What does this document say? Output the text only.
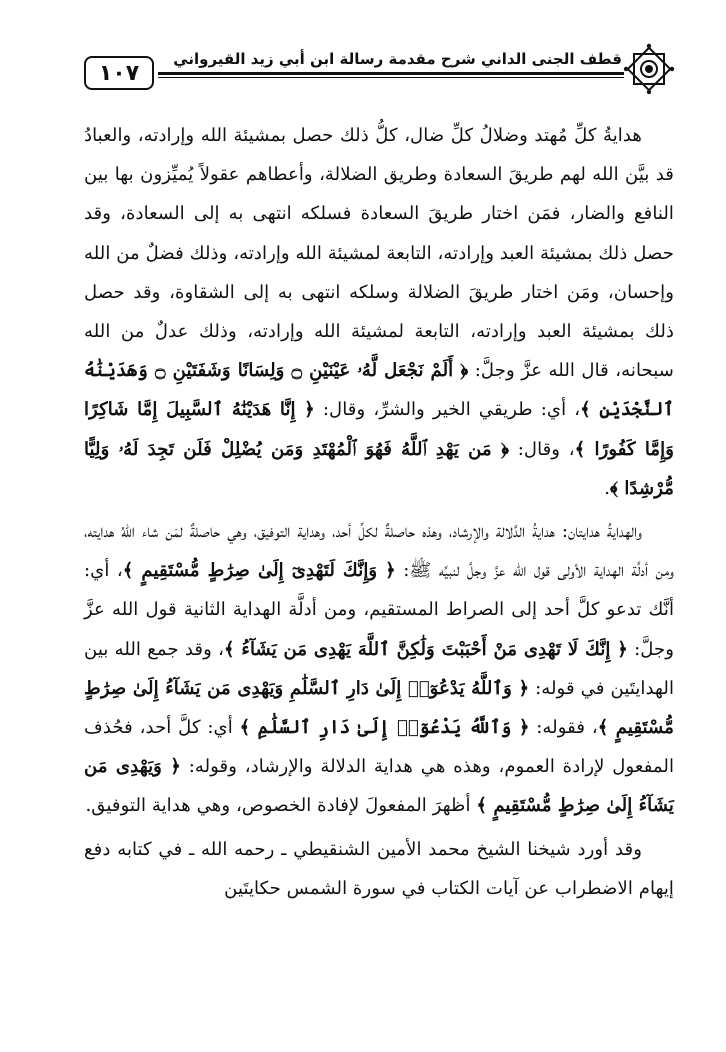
١٠٧
قطف الجنى الداني شرح مقدمة رسالة ابن أبي زيد القيرواني

هدايةُ كلِّ مُهتد وضلالُ كلِّ ضال، كلُّ ذلك حصل بمشيئة الله وإرادته، والعبادُ قد بيَّن الله لهم طريقَ السعادة وطريق الضلالة، وأعطاهم عقولاً يُميِّزون بها بين النافع والضار، فمَن اختار طريقَ السعادة فسلكه انتهى به إلى السعادة، وقد حصل ذلك بمشيئة العبد وإرادته، التابعة لمشيئة الله وإرادته، وذلك فضلٌ من الله وإحسان، ومَن اختار طريقَ الضلالة وسلكه انتهى به إلى الشقاوة، وقد حصل ذلك بمشيئة العبد وإرادته، التابعة لمشيئة الله وإرادته، وذلك عدلٌ من الله سبحانه، قال الله عزَّ وجلَّ: ﴿ أَلَمْ نَجْعَل لَّهُۥ عَيْنَيْنِ ۝ وَلِسَانًا وَشَفَتَيْنِ ۝ وَهَدَيْنَٰهُ ٱلنَّجْدَيْنِ ﴾، أي: طريقي الخير والشرِّ، وقال: ﴿ إِنَّا هَدَيْنَٰهُ ٱلسَّبِيلَ إِمَّا شَاكِرًا وَإِمَّا كَفُورًا ﴾، وقال: ﴿ مَن يَهْدِ ٱللَّهُ فَهُوَ ٱلْمُهْتَدِ وَمَن يُضْلِلْ فَلَن تَجِدَ لَهُۥ وَلِيًّا مُّرْشِدًا ﴾.

والهدايةُ هدايتان: هدايةُ الدَّلالة والإرشاد، وهذه حاصلةٌ لكلِّ أحد، وهداية التوفيق، وهي حاصلةٌ لمَن شاء اللهُ هدايته، ومن أدلَّة الهداية الأولى قول الله عزَّ وجلَّ لنبيِّه ﷺ: ﴿ وَإِنَّكَ لَتَهْدِىٓ إِلَىٰ صِرَٰطٍ مُّسْتَقِيمٍ ﴾، أي: أنَّك تدعو كلَّ أحد إلى الصراط المستقيم، ومن أدلَّة الهداية الثانية قول الله عزَّ وجلَّ: ﴿ إِنَّكَ لَا تَهْدِى مَنْ أَحْبَبْتَ وَلَٰكِنَّ ٱللَّهَ يَهْدِى مَن يَشَآءُ ﴾، وقد جمع الله بين الهدايتَين في قوله: ﴿ وَٱللَّهُ يَدْعُوٓا۟ إِلَىٰ دَارِ ٱلسَّلَٰمِ وَيَهْدِى مَن يَشَآءُ إِلَىٰ صِرَٰطٍ مُّسْتَقِيمٍ ﴾، فقوله: ﴿ وَٱللَّهُ يَدْعُوٓا۟ إِلَىٰ دَارِ ٱلسَّلَٰمِ ﴾ أي: كلَّ أحد، فحُذف المفعول لإرادة العموم، وهذه هي هداية الدلالة والإرشاد، وقوله: ﴿ وَيَهْدِى مَن يَشَآءُ إِلَىٰ صِرَٰطٍ مُّسْتَقِيمٍ ﴾ أظهرَ المفعولَ لإفادة الخصوص، وهي هداية التوفيق.

وقد أورد شيخنا الشيخ محمد الأمين الشنقيطي ـ رحمه الله ـ في كتابه دفع إيهام الاضطراب عن آيات الكتاب في سورة الشمس حكايتَين
